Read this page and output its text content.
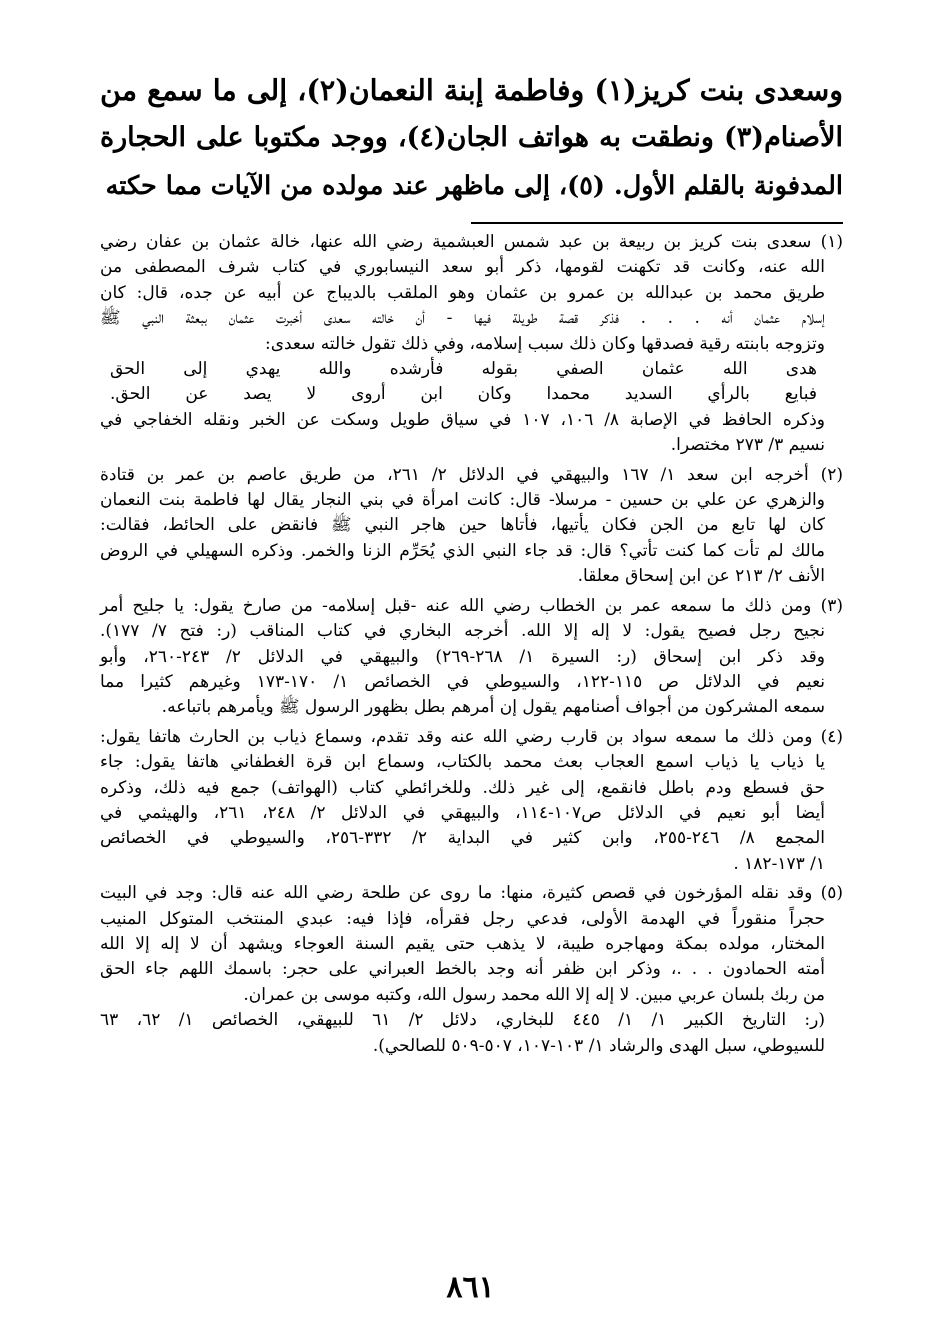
وسعدى بنت كريز(١) وفاطمة إبنة النعمان(٢)، إلى ما سمع من

الأصنام(٣) ونطقت به هواتف الجان(٤)، ووجد مكتوبا على الحجارة

المدفونة بالقلم الأول. (٥)، إلى ماظهر عند مولده من الآيات مما حكته

(١) سعدى بنت كريز بن ربيعة بن عبد شمس العبشمية رضي الله عنها، خالة عثمان بن عفان رضي
الله عنه، وكانت قد تكهنت لقومها، ذكر أبو سعد النيسابوري في كتاب شرف المصطفى من
طريق محمد بن عبدالله بن عمرو بن عثمان وهو الملقب بالديباج عن أبيه عن جده، قال: كان
إسلام عثمان أنه . . . فذكر قصة طويلة فيها - أن خالته سعدى أخبرت عثمان ببعثة النبي ﷺ
وتزوجه بابنته رقية فصدقها وكان ذلك سبب إسلامه، وفي ذلك تقول خالته سعدى:
هدى الله عثمان الصفي بقوله فأرشده والله يهدي إلى الحق
فبايع بالرأي السديد محمدا وكان ابن أروى لا يصد عن الحق.
وذكره الحافظ في الإصابة ٨/ ١٠٦، ١٠٧ في سياق طويل وسكت عن الخبر ونقله الخفاجي في
نسيم ٣/ ٢٧٣ مختصرا.
(٢) أخرجه ابن سعد ١/ ١٦٧ والبيهقي في الدلائل ٢/ ٢٦١، من طريق عاصم بن عمر بن قتادة
والزهري عن علي بن حسين - مرسلا- قال: كانت امرأة في بني النجار يقال لها فاطمة بنت النعمان
كان لها تابع من الجن فكان يأتيها، فأتاها حين هاجر النبي ﷺ فانقض على الحائط، فقالت:
مالك لم تأت كما كنت تأتي؟ قال: قد جاء النبي الذي يُحَرِّم الزنا والخمر. وذكره السهيلي في الروض
الأنف ٢/ ٢١٣ عن ابن إسحاق معلقا.
(٣) ومن ذلك ما سمعه عمر بن الخطاب رضي الله عنه -قبل إسلامه- من صارخ يقول: يا جليح أمر
نجيح رجل فصيح يقول: لا إله إلا الله. أخرجه البخاري في كتاب المناقب (ر: فتح ٧/ ١٧٧).
وقد ذكر ابن إسحاق (ر: السيرة ١/ ٢٦٨-٢٦٩) والبيهقي في الدلائل ٢/ ٢٤٣-٢٦٠، وأبو
نعيم في الدلائل ص ١١٥-١٢٢، والسيوطي في الخصائص ١/ ١٧٠-١٧٣ وغيرهم كثيرا مما
سمعه المشركون من أجواف أصنامهم يقول إن أمرهم بطل بظهور الرسول ﷺ ويأمرهم باتباعه.
(٤) ومن ذلك ما سمعه سواد بن قارب رضي الله عنه وقد تقدم، وسماع ذياب بن الحارث هاتفا يقول:
يا ذياب يا ذياب اسمع العجاب بعث محمد بالكتاب، وسماع ابن قرة الغطفاني هاتفا يقول: جاء
حق فسطع ودم باطل فانقمع، إلى غير ذلك. وللخرائطي كتاب (الهواتف) جمع فيه ذلك، وذكره
أيضا أبو نعيم في الدلائل ص١٠٧-١١٤، والبيهقي في الدلائل ٢/ ٢٤٨، ٢٦١، والهيثمي في
المجمع ٨/ ٢٤٦-٢٥٥، وابن كثير في البداية ٢/ ٣٣٢-٢٥٦، والسيوطي في الخصائص
١/ ١٧٣-١٨٢ .
(٥) وقد نقله المؤرخون في قصص كثيرة، منها: ما روى عن طلحة رضي الله عنه قال: وجد في البيت
حجراً منقوراً في الهدمة الأولى، فدعي رجل فقرأه، فإذا فيه: عبدي المنتخب المتوكل المنيب
المختار، مولده بمكة ومهاجره طيبة، لا يذهب حتى يقيم السنة العوجاء ويشهد أن لا إله إلا الله
أمته الحمادون . . .، وذكر ابن ظفر أنه وجد بالخط العبراني على حجر: باسمك اللهم جاء الحق
من ربك بلسان عربي مبين. لا إله إلا الله محمد رسول الله، وكتبه موسى بن عمران.
(ر: التاريخ الكبير ١/ ١/ ٤٤٥ للبخاري، دلائل ٢/ ٦١ للبيهقي، الخصائص ١/ ٦٢، ٦٣
للسيوطي، سبل الهدى والرشاد ١/ ١٠٣-١٠٧، ٥٠٧-٥٠٩ للصالحي).
٨٦١
